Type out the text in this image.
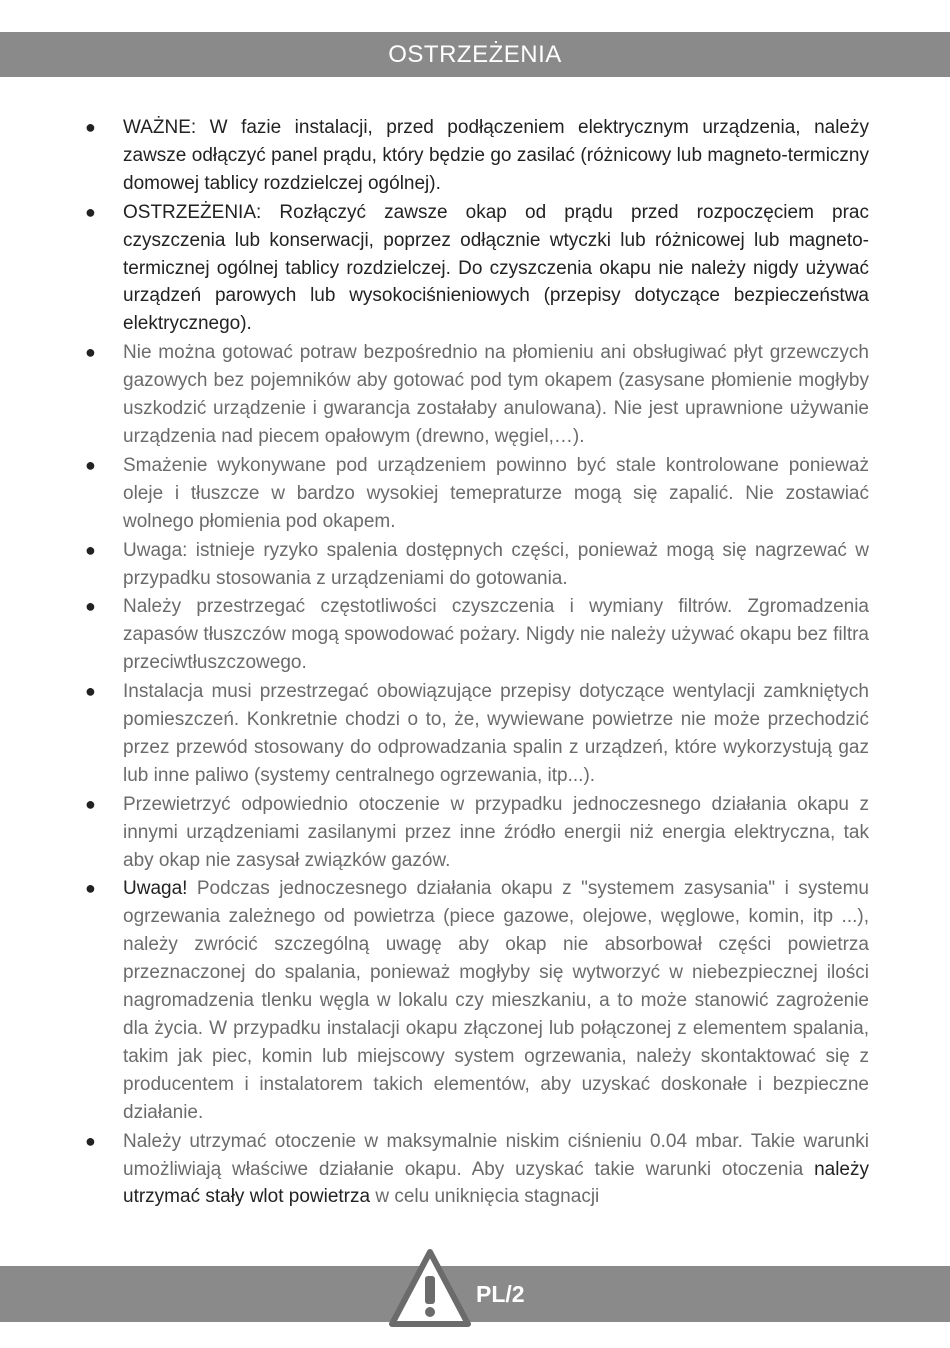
OSTRZEŻENIA
● WAŻNE: W fazie instalacji, przed podłączeniem elektrycznym urządzenia, należy zawsze odłączyć panel prądu, który będzie go zasilać (różnicowy lub magneto-termiczny domowej tablicy rozdzielczej ogólnej).
● OSTRZEŻENIA: Rozłączyć zawsze okap od prądu przed rozpoczęciem prac czyszczenia lub konserwacji, poprzez odłącznie wtyczki lub różnicowej lub magneto-termicznej ogólnej tablicy rozdzielczej. Do czyszczenia okapu nie należy nigdy używać urządzeń parowych lub wysokociśnieniowych (przepisy dotyczące bezpieczeństwa elektrycznego).
● Nie można gotować potraw bezpośrednio na płomieniu ani obsługiwać płyt grzewczych gazowych bez pojemników aby gotować pod tym okapem (zasysane płomienie mogłyby uszkodzić urządzenie i gwarancja zostałaby anulowana). Nie jest uprawnione używanie urządzenia nad piecem opałowym (drewno, węgiel,…).
● Smażenie wykonywane pod urządzeniem powinno być stale kontrolowane ponieważ oleje i tłuszcze w bardzo wysokiej temepraturze mogą się zapalić. Nie zostawiać wolnego płomienia pod okapem.
● Uwaga: istnieje ryzyko spalenia dostępnych części, ponieważ mogą się nagrzewać w przypadku stosowania z urządzeniami do gotowania.
● Należy przestrzegać częstotliwości czyszczenia i wymiany filtrów. Zgromadzenia zapasów tłuszczów mogą spowodować pożary. Nigdy nie należy używać okapu bez filtra przeciwtłuszczowego.
● Instalacja musi przestrzegać obowiązujące przepisy dotyczące wentylacji zamkniętych pomieszczeń. Konkretnie chodzi o to, że, wywiewane powietrze nie może przechodzić przez przewód stosowany do odprowadzania spalin z urządzeń, które wykorzystują gaz lub inne paliwo (systemy centralnego ogrzewania, itp...).
● Przewietrzyć odpowiednio otoczenie w przypadku jednoczesnego działania okapu z innymi urządzeniami zasilanymi przez inne źródło energii niż energia elektryczna, tak aby okap nie zasysał związków gazów.
● Uwaga! Podczas jednoczesnego działania okapu z "systemem zasysania" i systemu ogrzewania zależnego od powietrza (piece gazowe, olejowe, węglowe, komin, itp ...), należy zwrócić szczególną uwagę aby okap nie absorbował części powietrza przeznaczonej do spalania, ponieważ mogłyby się wytworzyć w niebezpiecznej ilości nagromadzenia tlenku węgla w lokalu czy mieszkaniu, a to może stanowić zagrożenie dla życia. W przypadku instalacji okapu złączonej lub połączonej z elementem spalania, takim jak piec, komin lub miejscowy system ogrzewania, należy skontaktować się z producentem i instalatorem takich elementów, aby uzyskać doskonałe i bezpieczne działanie.
● Należy utrzymać otoczenie w maksymalnie niskim ciśnieniu 0.04 mbar. Takie warunki umożliwiają właściwe działanie okapu. Aby uzyskać takie warunki otoczenia należy utrzymać stały wlot powietrza w celu uniknięcia stagnacji
PL/2
